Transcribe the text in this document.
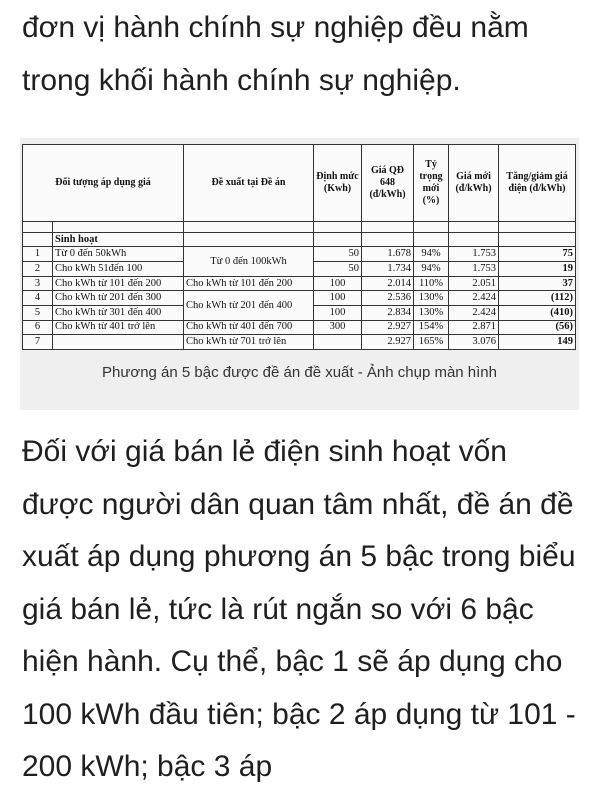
đơn vị hành chính sự nghiệp đều nằm trong khối hành chính sự nghiệp.

Đối tượng áp dụng giá		Đề xuất tại Đề án	Định mức (Kwh)	Giá QĐ 648 (đ/kWh)	Tỷ trọng mới (%)	Giá mới (đ/kWh)	Tăng/giảm giá điện (đ/kWh)

	Sinh hoạt						
1	Từ 0 đến 50kWh	Từ 0 đến 100kWh	50	1.678	94%	1.753	75
2	Cho kWh 51đến 100		50	1.734	94%	1.753	19
3	Cho kWh từ 101 đến 200	Cho kWh từ 101 đến 200	100	2.014	110%	2.051	37
4	Cho kWh từ 201 đến 300	Cho kWh từ 201 đến 400	100	2.536	130%	2.424	(112)
5	Cho kWh từ 301 đến 400		100	2.834	130%	2.424	(410)
6	Cho kWh từ 401 trở lên	Cho kWh từ 401 đến 700	300	2.927	154%	2.871	(56)
7		Cho kWh từ 701 trở lên		2.927	165%	3.076	149

Phương án 5 bậc được đề án đề xuất - Ảnh chụp màn hình

Đối với giá bán lẻ điện sinh hoạt vốn được người dân quan tâm nhất, đề án đề xuất áp dụng phương án 5 bậc trong biểu giá bán lẻ, tức là rút ngắn so với 6 bậc hiện hành. Cụ thể, bậc 1 sẽ áp dụng cho 100 kWh đầu tiên; bậc 2 áp dụng từ 101 - 200 kWh; bậc 3 áp
